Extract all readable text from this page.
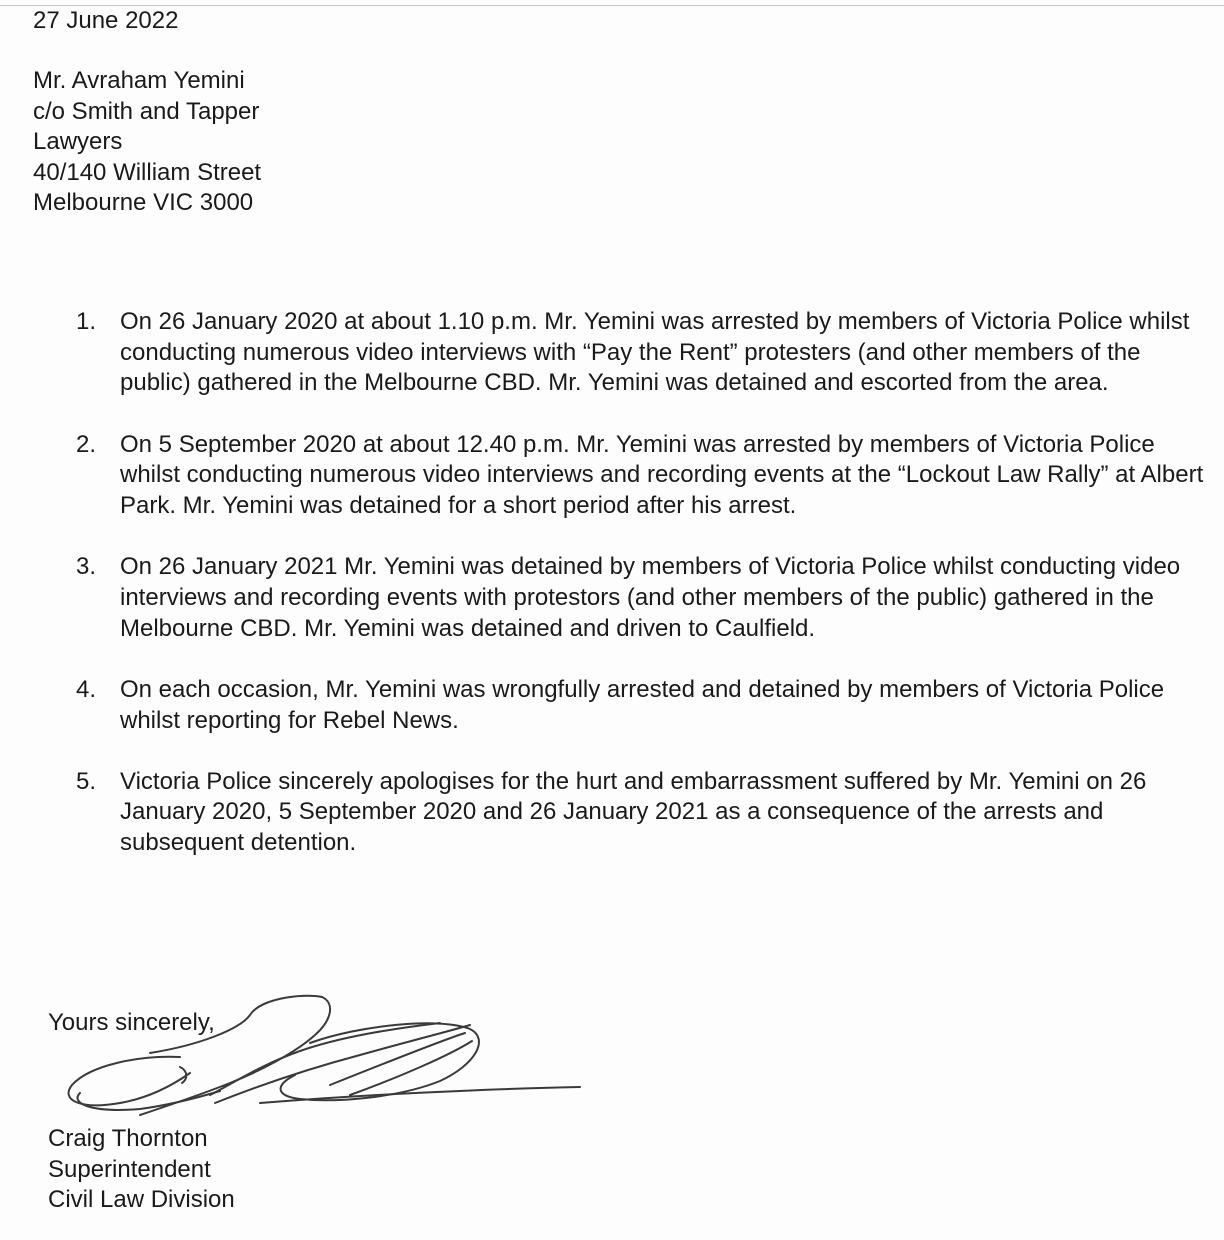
27 June 2022
Mr. Avraham Yemini
c/o Smith and Tapper
Lawyers
40/140 William Street
Melbourne VIC 3000
1. On 26 January 2020 at about 1.10 p.m. Mr. Yemini was arrested by members of Victoria Police whilst conducting numerous video interviews with “Pay the Rent” protesters (and other members of the public) gathered in the Melbourne CBD. Mr. Yemini was detained and escorted from the area.
2. On 5 September 2020 at about 12.40 p.m. Mr. Yemini was arrested by members of Victoria Police whilst conducting numerous video interviews and recording events at the “Lockout Law Rally” at Albert Park. Mr. Yemini was detained for a short period after his arrest.
3. On 26 January 2021 Mr. Yemini was detained by members of Victoria Police whilst conducting video interviews and recording events with protestors (and other members of the public) gathered in the Melbourne CBD. Mr. Yemini was detained and driven to Caulfield.
4. On each occasion, Mr. Yemini was wrongfully arrested and detained by members of Victoria Police whilst reporting for Rebel News.
5. Victoria Police sincerely apologises for the hurt and embarrassment suffered by Mr. Yemini on 26 January 2020, 5 September 2020 and 26 January 2021 as a consequence of the arrests and subsequent detention.
Yours sincerely,
Craig Thornton
Superintendent
Civil Law Division
